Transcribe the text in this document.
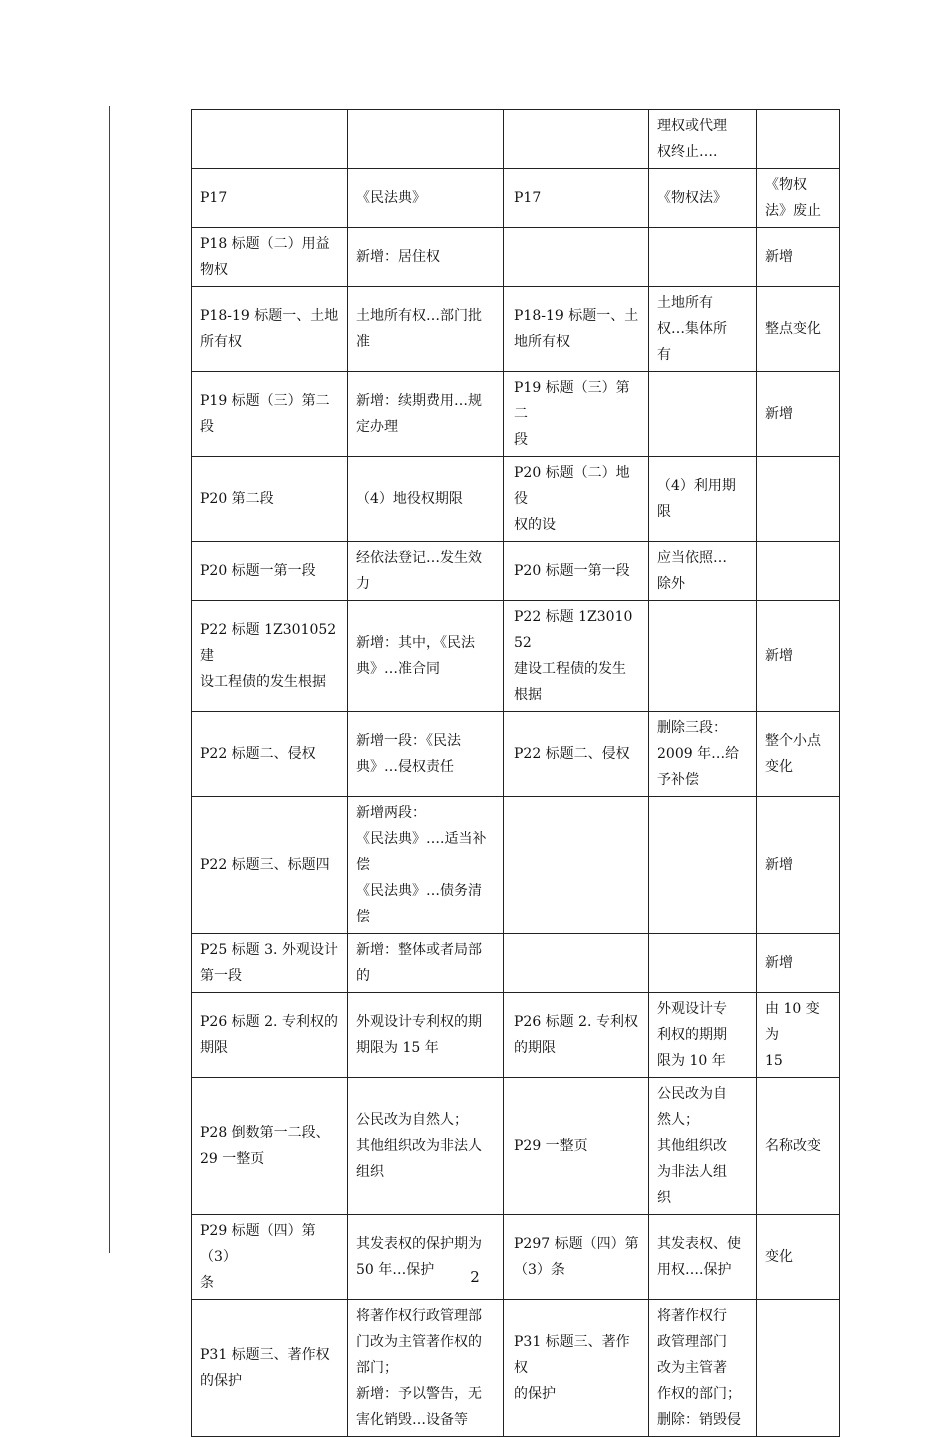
			理权或代理
权终止….	

P17	《民法典》	P17	《物权法》	《物权
法》废止

P18 标题（二）用益
物权	新增：居住权			新增

P18-19 标题一、土地
所有权	土地所有权…部门批
准	P18-19 标题一、土
地所有权	土地所有
权…集体所
有	整点变化

P19 标题（三）第二
段	新增：续期费用…规
定办理	P19 标题（三）第二
段		新增

P20 第二段	（4）地役权期限	P20 标题（二）地役
权的设	（4）利用期
限	

P20 标题一第一段	经依法登记…发生效
力	P20 标题一第一段	应当依照…
除外	

P22 标题 1Z301052 建
设工程债的发生根据	新增：其中，《民法
典》…准合同	P22 标题 1Z301052
建设工程债的发生
根据		新增

P22 标题二、侵权	新增一段：《民法
典》…侵权责任	P22 标题二、侵权	删除三段：
2009 年…给
予补偿	整个小点
变化

P22 标题三、标题四	新增两段：
《民法典》….适当补
偿
《民法典》…债务清
偿			新增

P25 标题 3. 外观设计
第一段	新增：整体或者局部
的			新增

P26 标题 2. 专利权的
期限	外观设计专利权的期
期限为 15 年	P26 标题 2. 专利权
的期限	外观设计专
利权的期期
限为 10 年	由 10 变为
15

P28 倒数第一二段、
29 一整页	公民改为自然人；
其他组织改为非法人
组织	P29 一整页	公民改为自
然人；
其他组织改
为非法人组
织	名称改变

P29 标题（四）第（3）
条	其发表权的保护期为
50 年…保护	P297 标题（四）第
（3）条	其发表权、使
用权….保护	变化

P31 标题三、著作权
的保护	将著作权行政管理部
门改为主管著作权的
部门；
新增：予以警告，无
害化销毁…设备等	P31 标题三、著作权
的保护	将著作权行
政管理部门
改为主管著
作权的部门；
删除：销毁侵	

2
